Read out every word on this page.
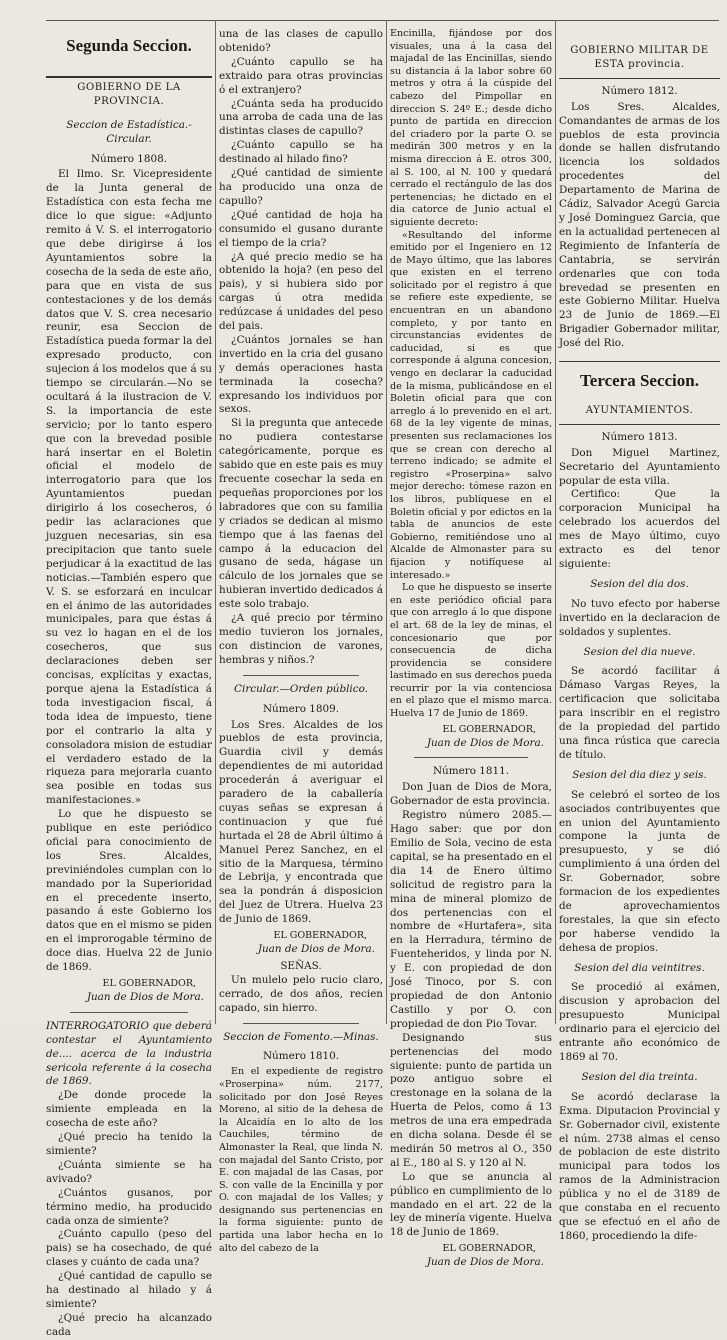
Segunda Seccion.

GOBIERNO DE LA PROVINCIA.

Seccion de Estadística.-Circular.

Número 1808.

El Ilmo. Sr. Vicepresidente de la Junta general de Estadística con esta fecha me dice lo que sigue: «Adjunto remito á V. S. el interrogatorio que debe dirigirse á los Ayuntamientos sobre la cosecha de la seda de este año, para que en vista de sus contestaciones y de los demás datos que V. S. crea necesario reunir, esa Seccion de Estadística pueda formar la del expresado producto, con sujecion á los modelos que á su tiempo se circularán.—No se ocultará á la ilustracion de V. S. la importancia de este servicio; por lo tanto espero que con la brevedad posible hará insertar en el Boletin oficial el modelo de interrogatorio para que los Ayuntamientos puedan dirigirlo á los cosecheros, ó pedir las aclaraciones que juzguen necesarias, sin esa precipitacion que tanto suele perjudicar á la exactitud de las noticias.—También espero que V. S. se esforzará en inculcar en el ánimo de las autoridades municipales, para que éstas á su vez lo hagan en el de los cosecheros, que sus declaraciones deben ser concisas, explícitas y exactas, porque ajena la Estadística á toda investigacion fiscal, á toda idea de impuesto, tiene por el contrario la alta y consoladora mision de estudiar el verdadero estado de la riqueza para mejorarla cuanto sea posible en todas sus manifestaciones.»

Lo que he dispuesto se publique en este periódico oficial para conocimiento de los Sres. Alcaldes, previniéndoles cumplan con lo mandado por la Superioridad en el precedente inserto, pasando á este Gobierno los datos que en el mismo se piden en el improrogable término de doce dias. Huelva 22 de Junio de 1869.

EL GOBERNADOR,

Juan de Dios de Mora.

INTERROGATORIO que deberá contestar el Ayuntamiento de.... acerca de la industria sericola referente á la cosecha de 1869.

¿De donde procede la simiente empleada en la cosecha de este año?

¿Qué precio ha tenido la simiente?

¿Cuánta simiente se ha avivado?

¿Cuántos gusanos, por término medio, ha producido cada onza de simiente?

¿Cuánto capullo (peso del pais) se ha cosechado, de qué clases y cuánto de cada una?

¿Qué cantidad de capullo se ha destinado al hilado y á simiente?

¿Qué precio ha alcanzado cada

una de las clases de capullo obtenido?

¿Cuánto capullo se ha extraido para otras provincias ó el extranjero?

¿Cuánta seda ha producido una arroba de cada una de las distintas clases de capullo?

¿Cuánto capullo se ha destinado al hilado fino?

¿Qué cantidad de simiente ha producido una onza de capullo?

¿Qué cantidad de hoja ha consumido el gusano durante el tiempo de la cria?

¿A qué precio medio se ha obtenido la hoja? (en peso del pais), y si hubiera sido por cargas ú otra medida redúzcase á unidades del peso del pais.

¿Cuántos jornales se han invertido en la cria del gusano y demás operaciones hasta terminada la cosecha? expresando los individuos por sexos.

Si la pregunta que antecede no pudiera contestarse categóricamente, porque es sabido que en este pais es muy frecuente cosechar la seda en pequeñas proporciones por los labradores que con su familia y criados se dedican al mismo tiempo que á las faenas del campo á la educacion del gusano de seda, hágase un cálculo de los jornales que se hubieran invertido dedicados á este solo trabajo.

¿A qué precio por término medio tuvieron los jornales, con distincion de varones, hembras y niños.?

Circular.—Orden público.

Número 1809.

Los Sres. Alcaldes de los pueblos de esta provincia, Guardia civil y demás dependientes de mi autoridad procederán á averiguar el paradero de la caballería cuyas señas se expresan á continuacion y que fué hurtada el 28 de Abril último á Manuel Perez Sanchez, en el sitio de la Marquesa, término de Lebrija, y encontrada que sea la pondrán á disposicion del Juez de Utrera. Huelva 23 de Junio de 1869.

EL GOBERNADOR,

Juan de Dios de Mora.

SEÑAS.

Un mulelo pelo rucio claro, cerrado, de dos años, recien capado, sin hierro.

Seccion de Fomento.—Minas.

Número 1810.

En el expediente de registro «Proserpina» núm. 2177, solicitado por don José Reyes Moreno, al sitio de la dehesa de la Alcaidía en lo alto de los Cauchiles, término de Almonaster la Real, que linda N. con majadal del Santo Cristo, por E. con majadal de las Casas, por S. con valle de la Encinilla y por O. con majadal de los Valles; y designando sus pertenencias en la forma siguiente: punto de partida una labor hecha en lo alto del cabezo de la

Encinilla, fijándose por dos visuales, una á la casa del majadal de las Encinillas, siendo su distancia á la labor sobre 60 metros y otra á la cúspide del cabezo del Pimpollar en direccion S. 24º E.; desde dicho punto de partida en direccion del criadero por la parte O. se medirán 300 metros y en la misma direccion á E. otros 300, al S. 100, al N. 100 y quedará cerrado el rectángulo de las dos pertenencias; he dictado en el dia catorce de Junio actual el siguiente decreto:

«Resultando del informe emitido por el Ingeniero en 12 de Mayo último, que las labores que existen en el terreno solicitado por el registro á que se refiere este expediente, se encuentran en un abandono completo, y por tanto en circunstancias evidentes de caducidad, si es que corresponde á alguna concesion, vengo en declarar la caducidad de la misma, publicándose en el Boletin oficial para que con arreglo á lo prevenido en el art. 68 de la ley vigente de minas, presenten sus reclamaciones los que se crean con derecho al terreno indicado; se admite el registro «Proserpina» salvo mejor derecho: tómese razon en los libros, publíquese en el Boletin oficial y por edictos en la tabla de anuncios de este Gobierno, remitiéndose uno al Alcalde de Almonaster para su fijacion y notifíquese al interesado.»

Lo que he dispuesto se inserte en este periódico oficial para que con arreglo á lo que dispone el art. 68 de la ley de minas, el concesionario que por consecuencia de dicha providencia se considere lastimado en sus derechos pueda recurrir por la via contenciosa en el plazo que el mismo marca. Huelva 17 de Junio de 1869.

EL GOBERNADOR,

Juan de Dios de Mora.

Número 1811.

Don Juan de Dios de Mora, Gobernador de esta provincia.

Registro número 2085.—Hago saber: que por don Emilio de Sola, vecino de esta capital, se ha presentado en el dia 14 de Enero último solicitud de registro para la mina de mineral plomizo de dos pertenencias con el nombre de «Hurtafera», sita en la Herradura, término de Fuenteheridos, y linda por N. y E. con propiedad de don José Tinoco, por S. con propiedad de don Antonio Castillo y por O. con propiedad de don Pio Tovar.

Designando sus pertenencias del modo siguiente: punto de partida un pozo antiguo sobre el crestonage en la solana de la Huerta de Pelos, como á 13 metros de una era empedrada en dicha solana. Desde él se medirán 50 metros al O., 350 al E., 180 al S. y 120 al N.

Lo que se anuncia al público en cumplimiento de lo mandado en el art. 22 de la ley de minería vigente. Huelva 18 de Junio de 1869.

EL GOBERNADOR,

Juan de Dios de Mora.

GOBIERNO MILITAR DE ESTA provincia.

Número 1812.

Los Sres. Alcaldes, Comandantes de armas de los pueblos de esta provincia donde se hallen disfrutando licencia los soldados procedentes del Departamento de Marina de Cádiz, Salvador Acegú Garcia y José Dominguez Garcia, que en la actualidad pertenecen al Regimiento de Infantería de Cantabria, se servirán ordenarles que con toda brevedad se presenten en este Gobierno Militar. Huelva 23 de Junio de 1869.—El Brigadier Gobernador militar, José del Rio.

Tercera Seccion.

AYUNTAMIENTOS.

Número 1813.

Don Miguel Martinez, Secretario del Ayuntamiento popular de esta villa.

Certifico: Que la corporacion Municipal ha celebrado los acuerdos del mes de Mayo último, cuyo extracto es del tenor siguiente:

Sesion del dia dos.

No tuvo efecto por haberse invertido en la declaracion de soldados y suplentes.

Sesion del dia nueve.

Se acordó facilitar á Dámaso Vargas Reyes, la certificacion que solicitaba para inscribir en el registro de la propiedad del partido una finca rústica que carecia de título.

Sesion del dia diez y seis.

Se celebró el sorteo de los asociados contribuyentes que en union del Ayuntamiento compone la junta de presupuesto, y se dió cumplimiento á una órden del Sr. Gobernador, sobre formacion de los expedientes de aprovechamientos forestales, la que sin efecto por haberse vendido la dehesa de propios.

Sesion del dia veintitres.

Se procedió al exámen, discusion y aprobacion del presupuesto Municipal ordinario para el ejercicio del entrante año económico de 1869 al 70.

Sesion del dia treinta.

Se acordó declarase la Exma. Diputacion Provincial y Sr. Gobernador civil, existente el núm. 2738 almas el censo de poblacion de este distrito municipal para todos los ramos de la Administracion pública y no el de 3189 de que constaba en el recuento que se efectuó en el año de 1860, procediendo la dife-
